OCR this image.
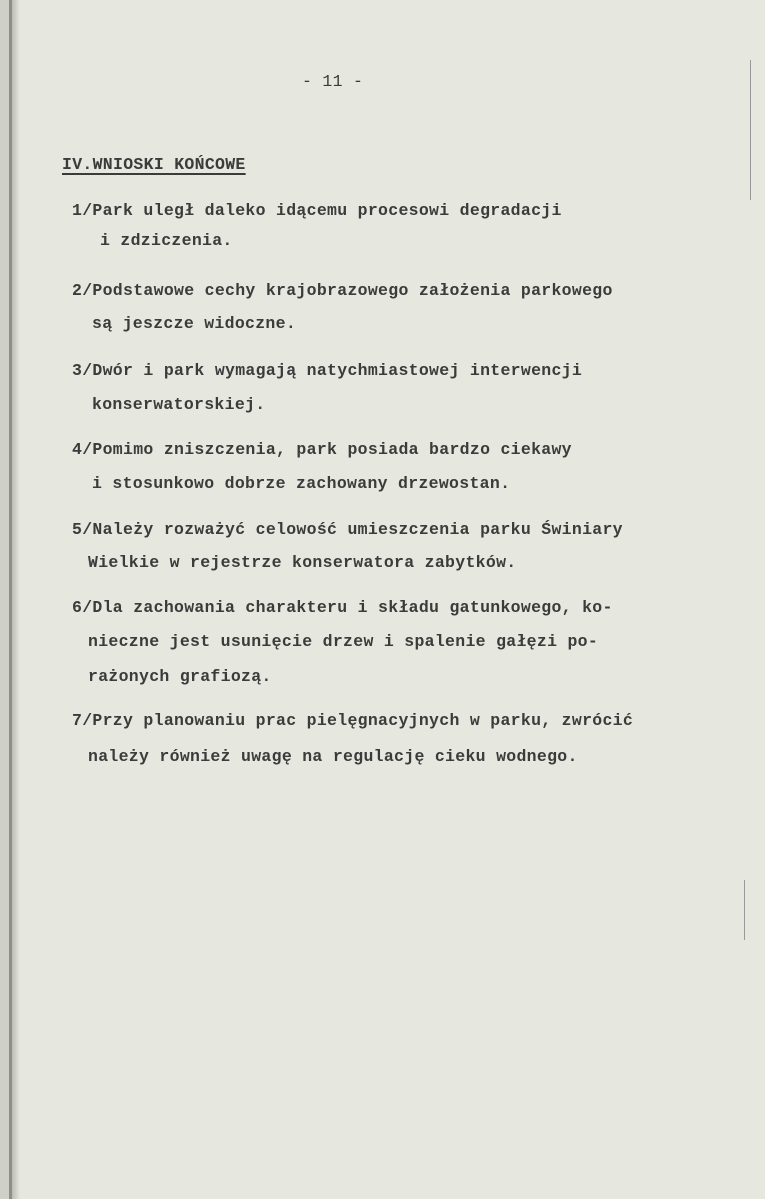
- 11 -
IV.WNIOSKI KOŃCOWE
1/Park uległ daleko idącemu procesowi degradacji
i zdziczenia.
2/Podstawowe cechy krajobrazowego założenia parkowego
są jeszcze widoczne.
3/Dwór i park wymagają natychmiastowej interwencji
konserwatorskiej.
4/Pomimo zniszczenia, park posiada bardzo ciekawy
i stosunkowo dobrze zachowany drzewostan.
5/Należy rozważyć celowość umieszczenia parku Świniary
Wielkie w rejestrze konserwatora zabytków.
6/Dla zachowania charakteru i składu gatunkowego, ko-
nieczne jest usunięcie drzew i spalenie gałęzi po-
rażonych grafiozą.
7/Przy planowaniu prac pielęgnacyjnych w parku, zwrócić
należy również uwagę na regulację cieku wodnego.
